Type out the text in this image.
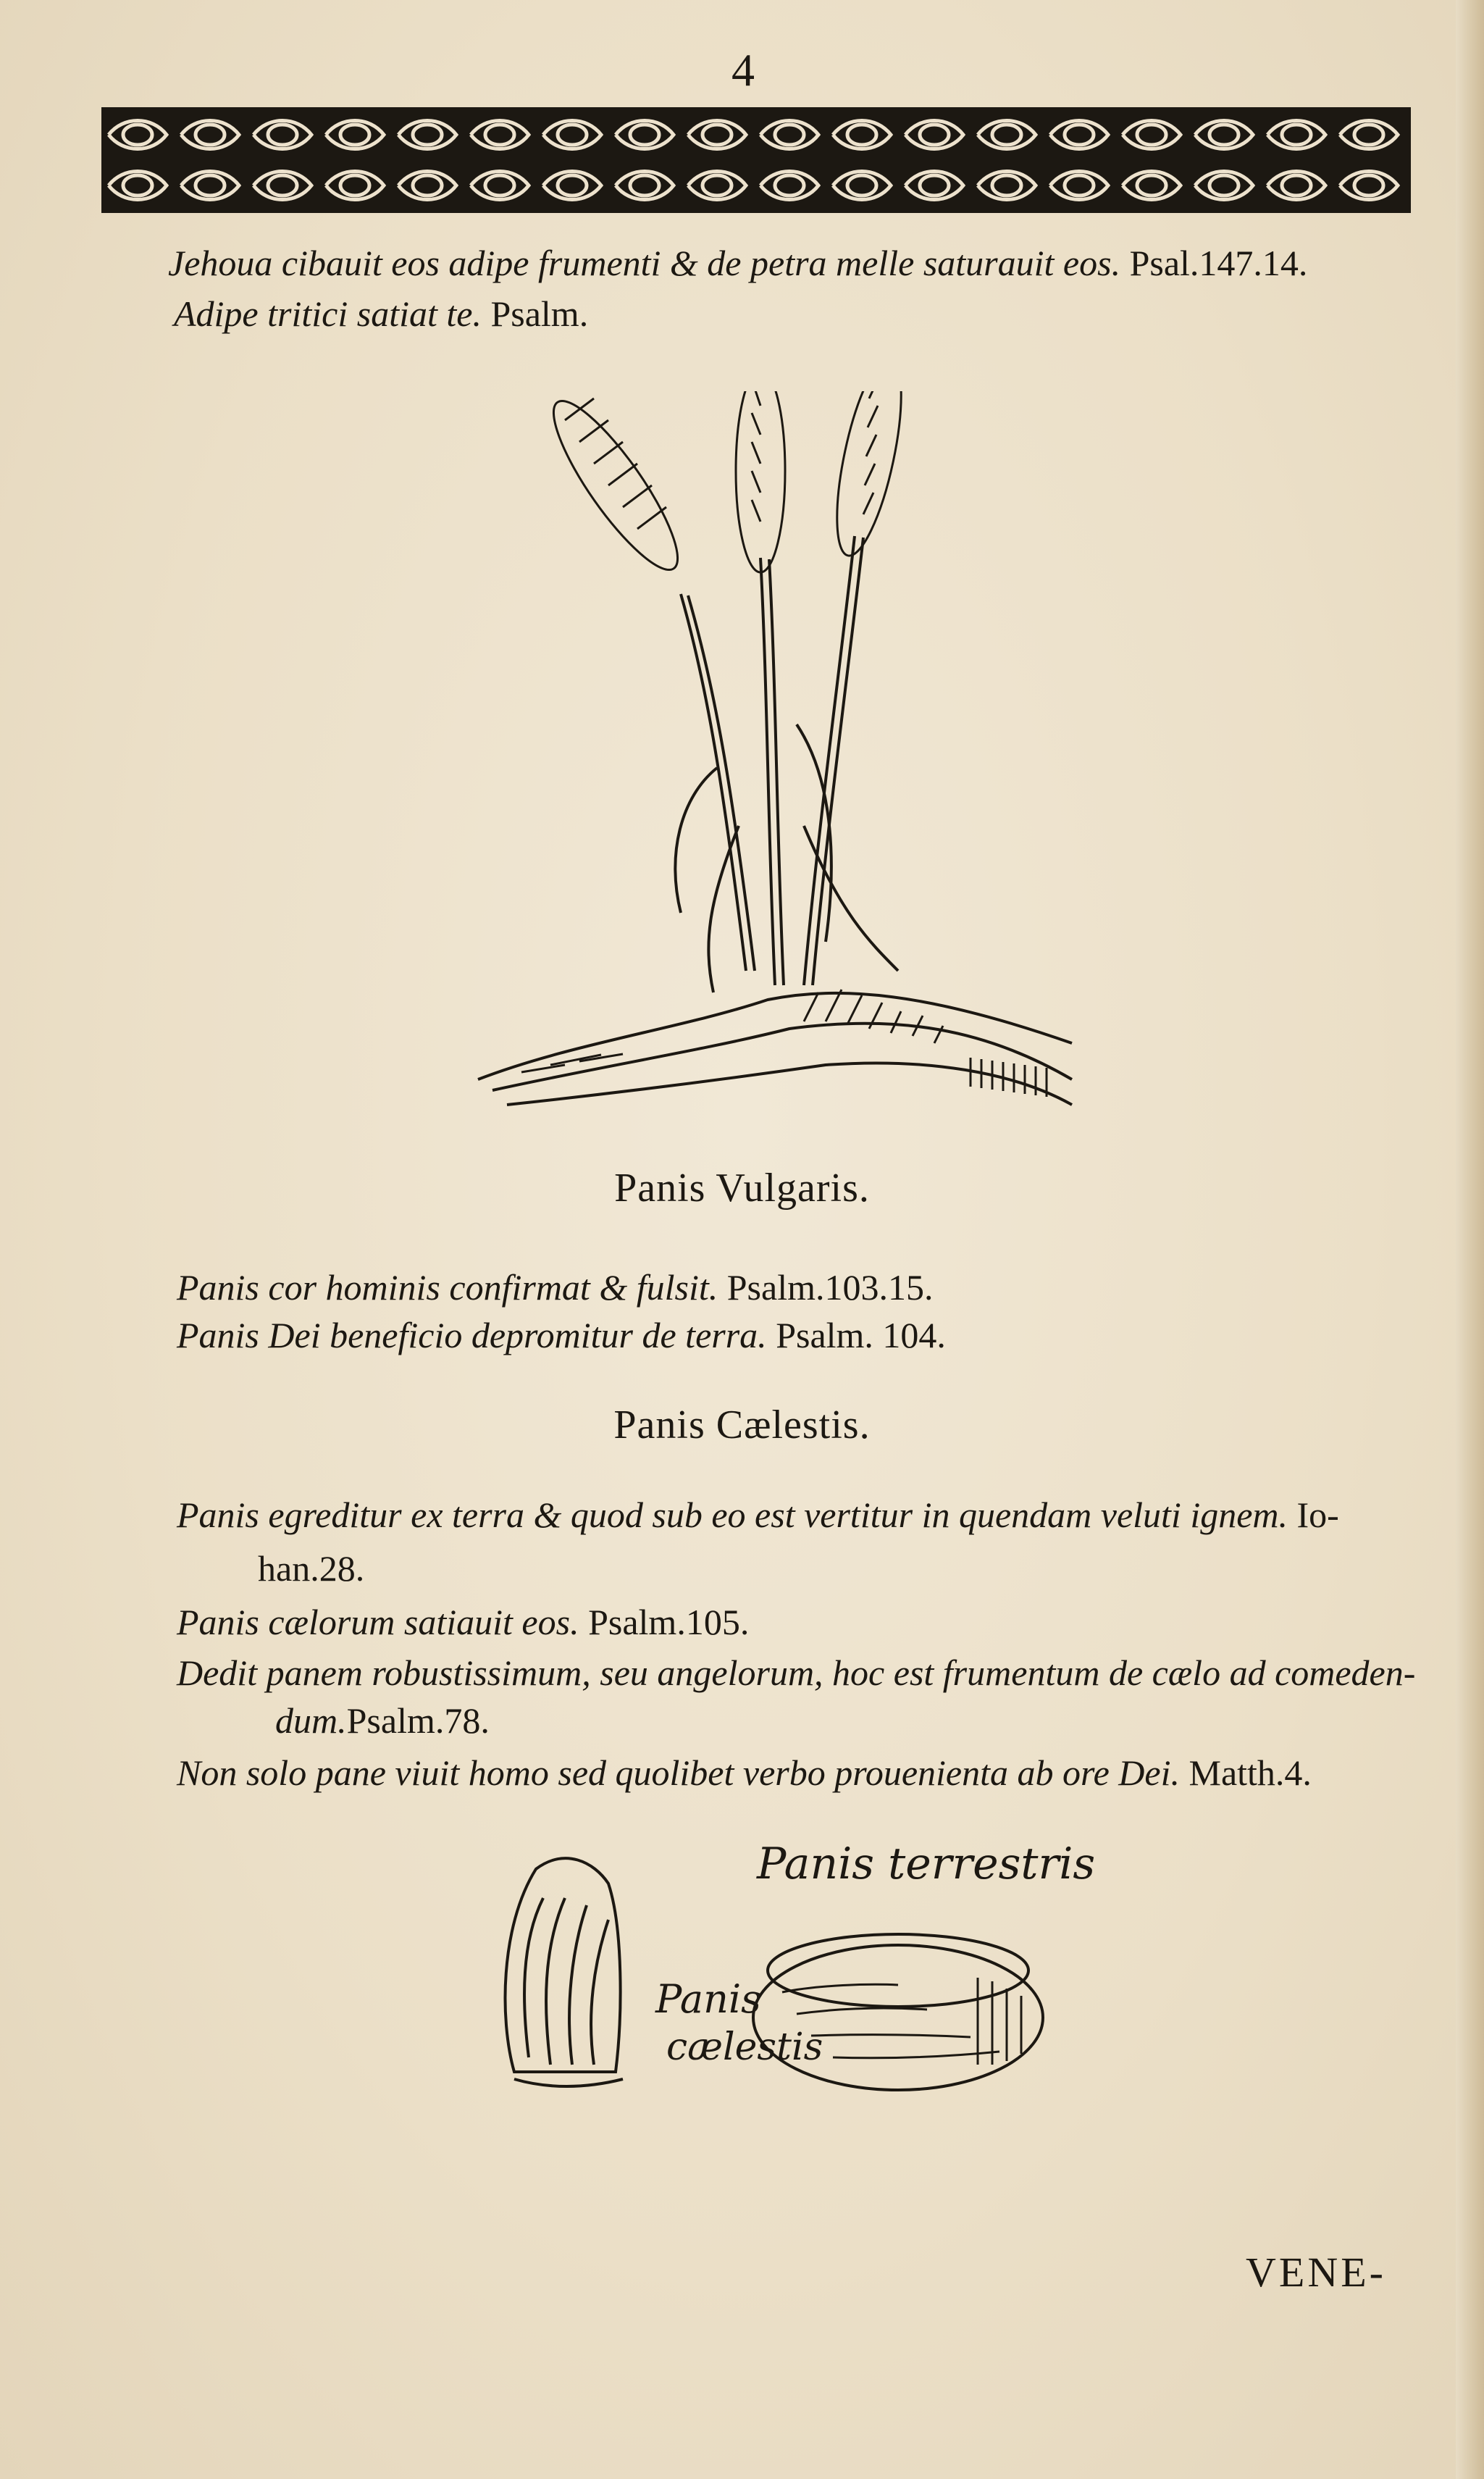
4
Jehoua cibauit eos adipe frumenti & de petra melle saturauit eos. Psal.147.14.
Adipe tritici satiat te. Psalm.
Panis Vulgaris.
Panis cor hominis confirmat & fulsit. Psalm.103.15.
Panis Dei beneficio depromitur de terra. Psalm. 104.
Panis Cælestis.
Panis egreditur ex terra & quod sub eo est vertitur in quendam veluti ignem. Io-
han.28.
Panis cælorum satiauit eos. Psalm.105.
Dedit panem robustissimum, seu angelorum, hoc est frumentum de cælo ad comeden-
dum.Psalm.78.
Non solo pane viuit homo sed quolibet verbo prouenienta ab ore Dei. Matth.4.
Panis terrestris
Panis
cælestis
VENE-
